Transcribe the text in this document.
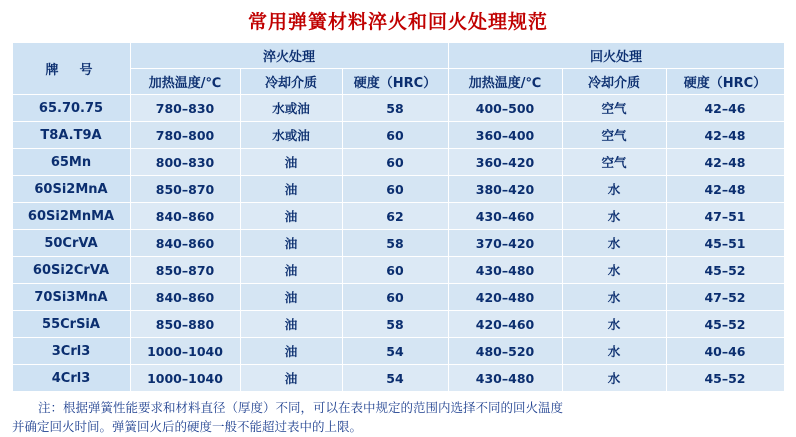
常用弹簧材料淬火和回火处理规范
牌　号	淬火处理			回火处理		
	加热温度/℃	冷却介质	硬度（HRC）	加热温度/℃	冷却介质	硬度（HRC）
65.70.75	780–830	水或油	58	400–500	空气	42–46
T8A.T9A	780–800	水或油	60	360–400	空气	42–48
65Mn	800–830	油	60	360–420	空气	42–48
60Si2MnA	850–870	油	60	380–420	水	42–48
60Si2MnMA	840–860	油	62	430–460	水	47–51
50CrVA	840–860	油	58	370–420	水	45–51
60Si2CrVA	850–870	油	60	430–480	水	45–52
70Si3MnA	840–860	油	60	420–480	水	47–52
55CrSiA	850–880	油	58	420–460	水	45–52
3Crl3	1000–1040	油	54	480–520	水	40–46
4Crl3	1000–1040	油	54	430–480	水	45–52
注：根据弹簧性能要求和材料直径（厚度）不同，可以在表中规定的范围内选择不同的回火温度
并确定回火时间。弹簧回火后的硬度一般不能超过表中的上限。
